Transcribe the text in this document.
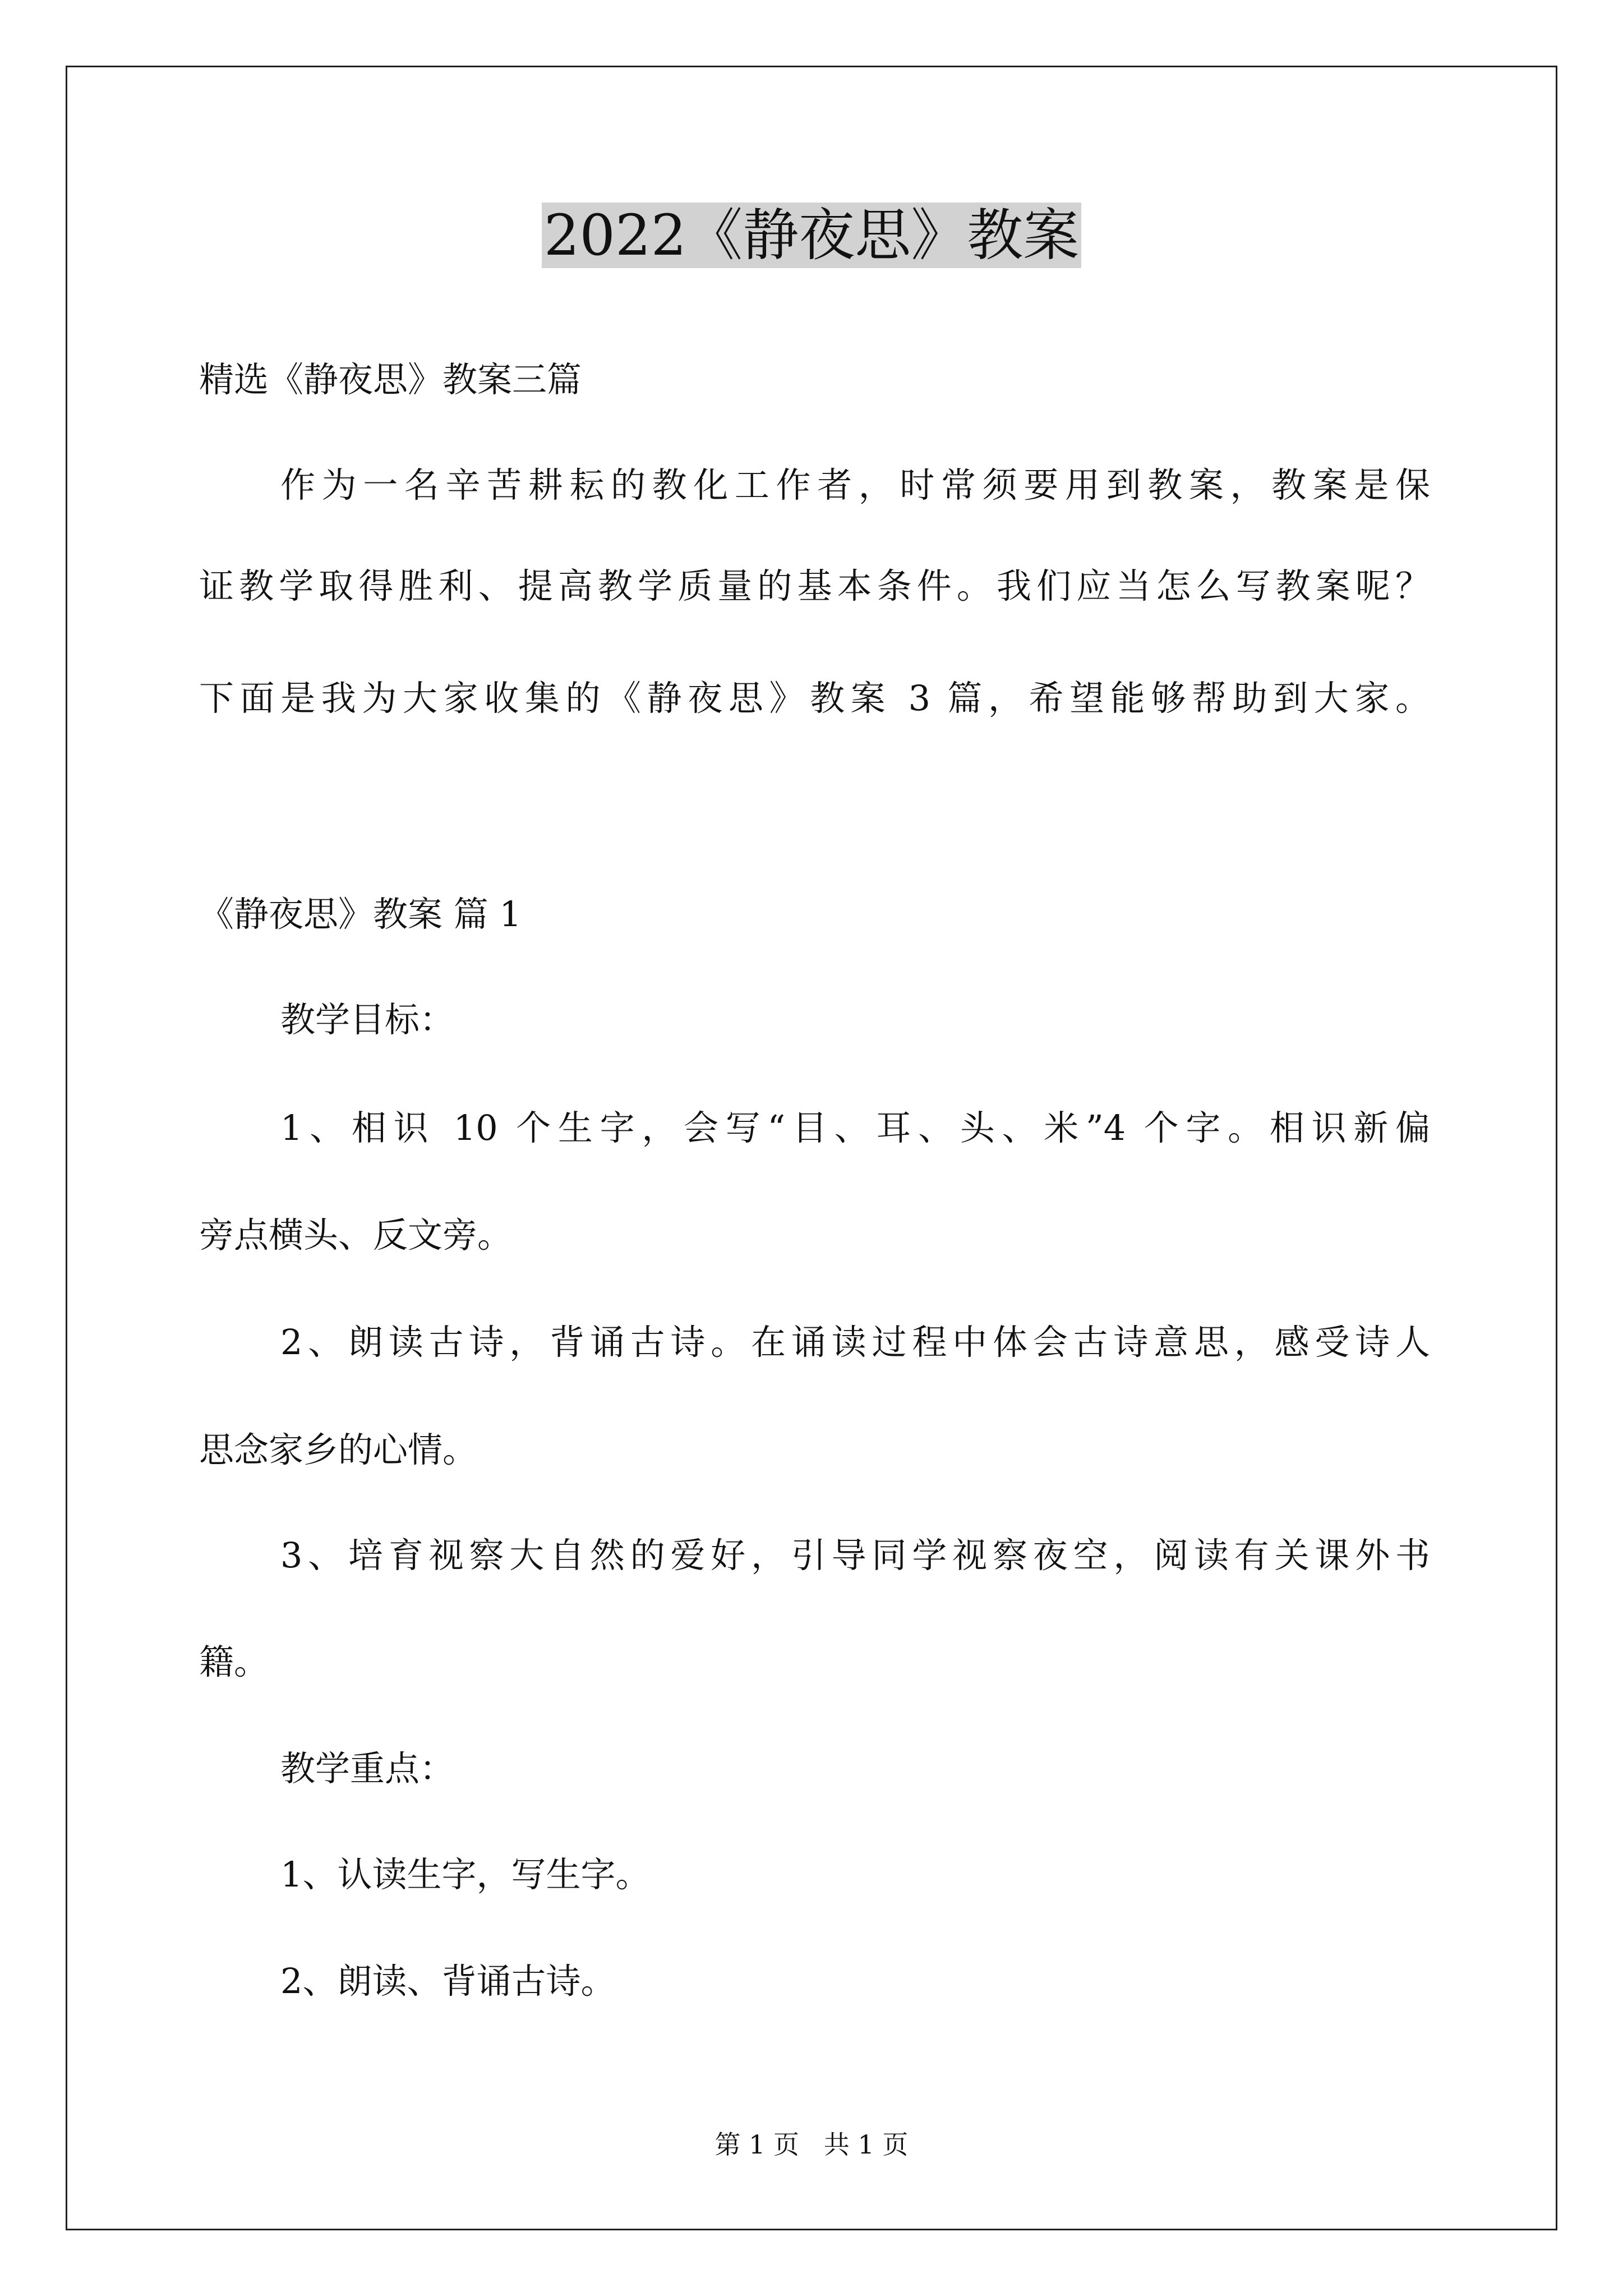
2022《静夜思》教案
精选《静夜思》教案三篇
作为一名辛苦耕耘的教化工作者，时常须要用到教案，教案是保
证教学取得胜利、提高教学质量的基本条件。我们应当怎么写教案呢？
下面是我为大家收集的《静夜思》教案 3 篇，希望能够帮助到大家。
《静夜思》教案 篇 1
教学目标：
1、相识 10 个生字，会写“目、耳、头、米”4 个字。相识新偏
旁点横头、反文旁。
2、朗读古诗，背诵古诗。在诵读过程中体会古诗意思，感受诗人
思念家乡的心情。
3、培育视察大自然的爱好，引导同学视察夜空，阅读有关课外书
籍。
教学重点：
1、认读生字，写生字。
2、朗读、背诵古诗。
第 1 页   共 1 页
